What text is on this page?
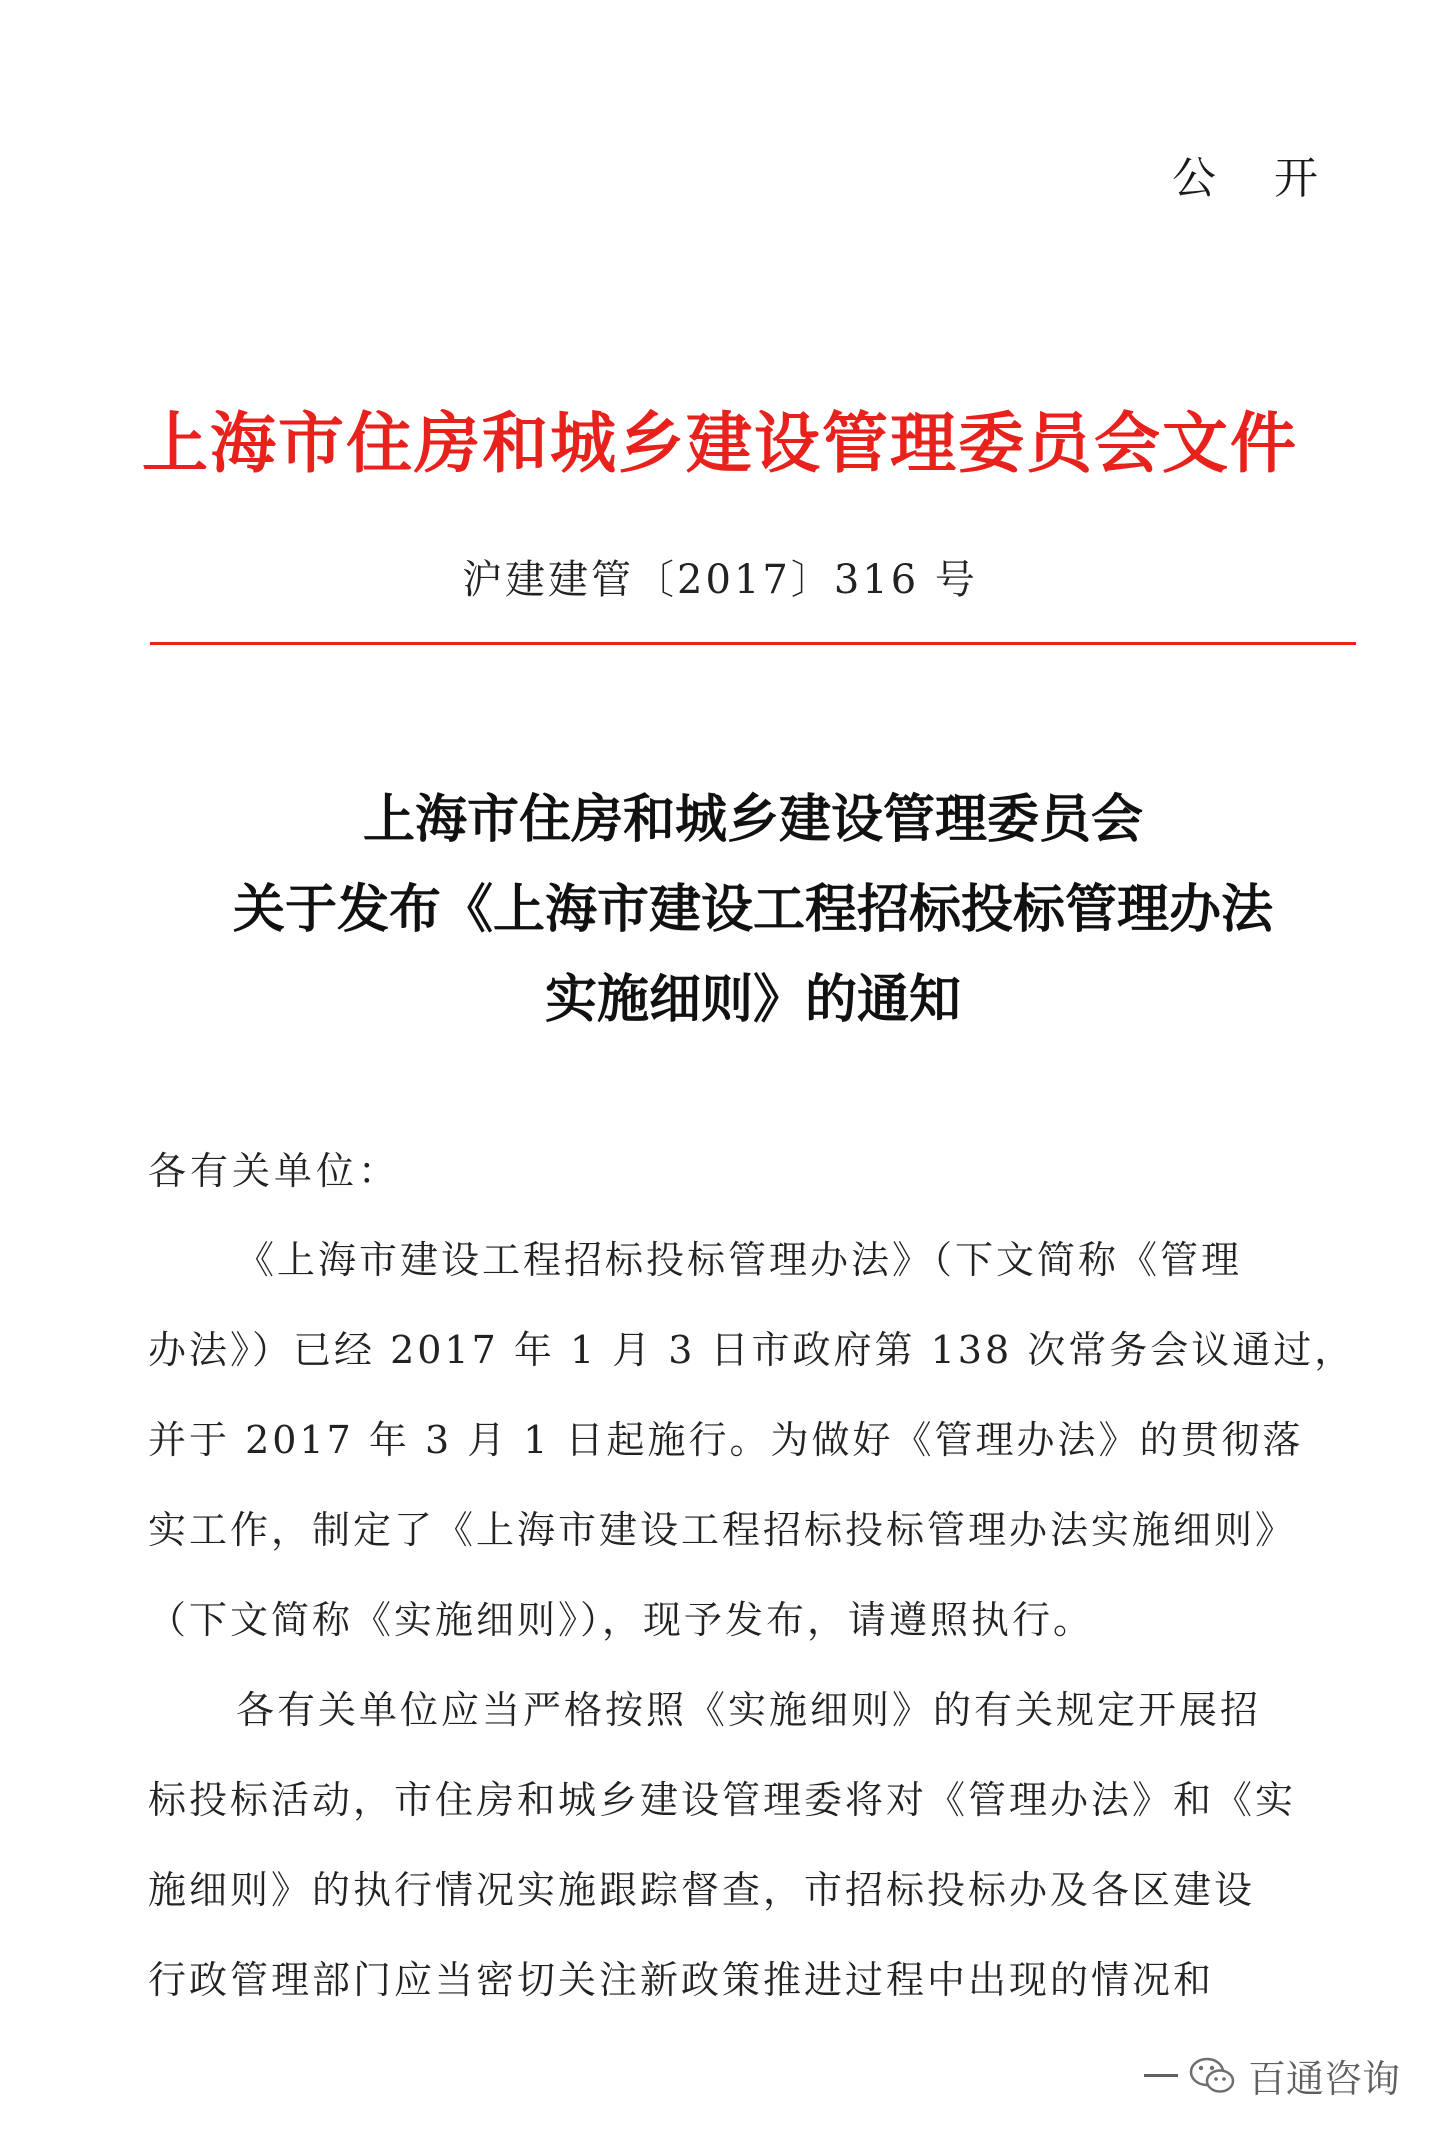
公 开
上海市住房和城乡建设管理委员会文件
沪建建管〔2017〕316 号
上海市住房和城乡建设管理委员会
关于发布《上海市建设工程招标投标管理办法
实施细则》的通知
各有关单位：
《上海市建设工程招标投标管理办法》（下文简称《管理
办法》）已经 2017 年 1 月 3 日市政府第 138 次常务会议通过，
并于 2017 年 3 月 1 日起施行。为做好《管理办法》的贯彻落
实工作，制定了《上海市建设工程招标投标管理办法实施细则》
（下文简称《实施细则》），现予发布，请遵照执行。
各有关单位应当严格按照《实施细则》的有关规定开展招
标投标活动，市住房和城乡建设管理委将对《管理办法》和《实
施细则》的执行情况实施跟踪督查，市招标投标办及各区建设
行政管理部门应当密切关注新政策推进过程中出现的情况和
百通咨询
